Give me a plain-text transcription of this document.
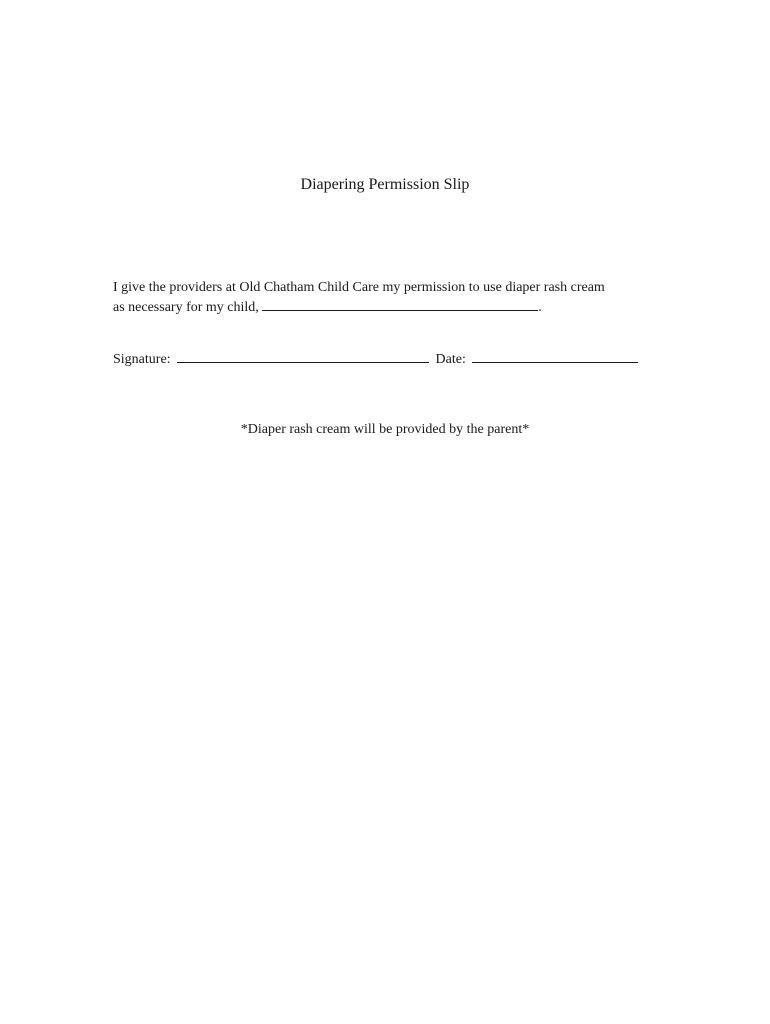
Diapering Permission Slip
I give the providers at Old Chatham Child Care my permission to use diaper rash cream
as necessary for my child,	.
Signature:	Date:
*Diaper rash cream will be provided by the parent*
